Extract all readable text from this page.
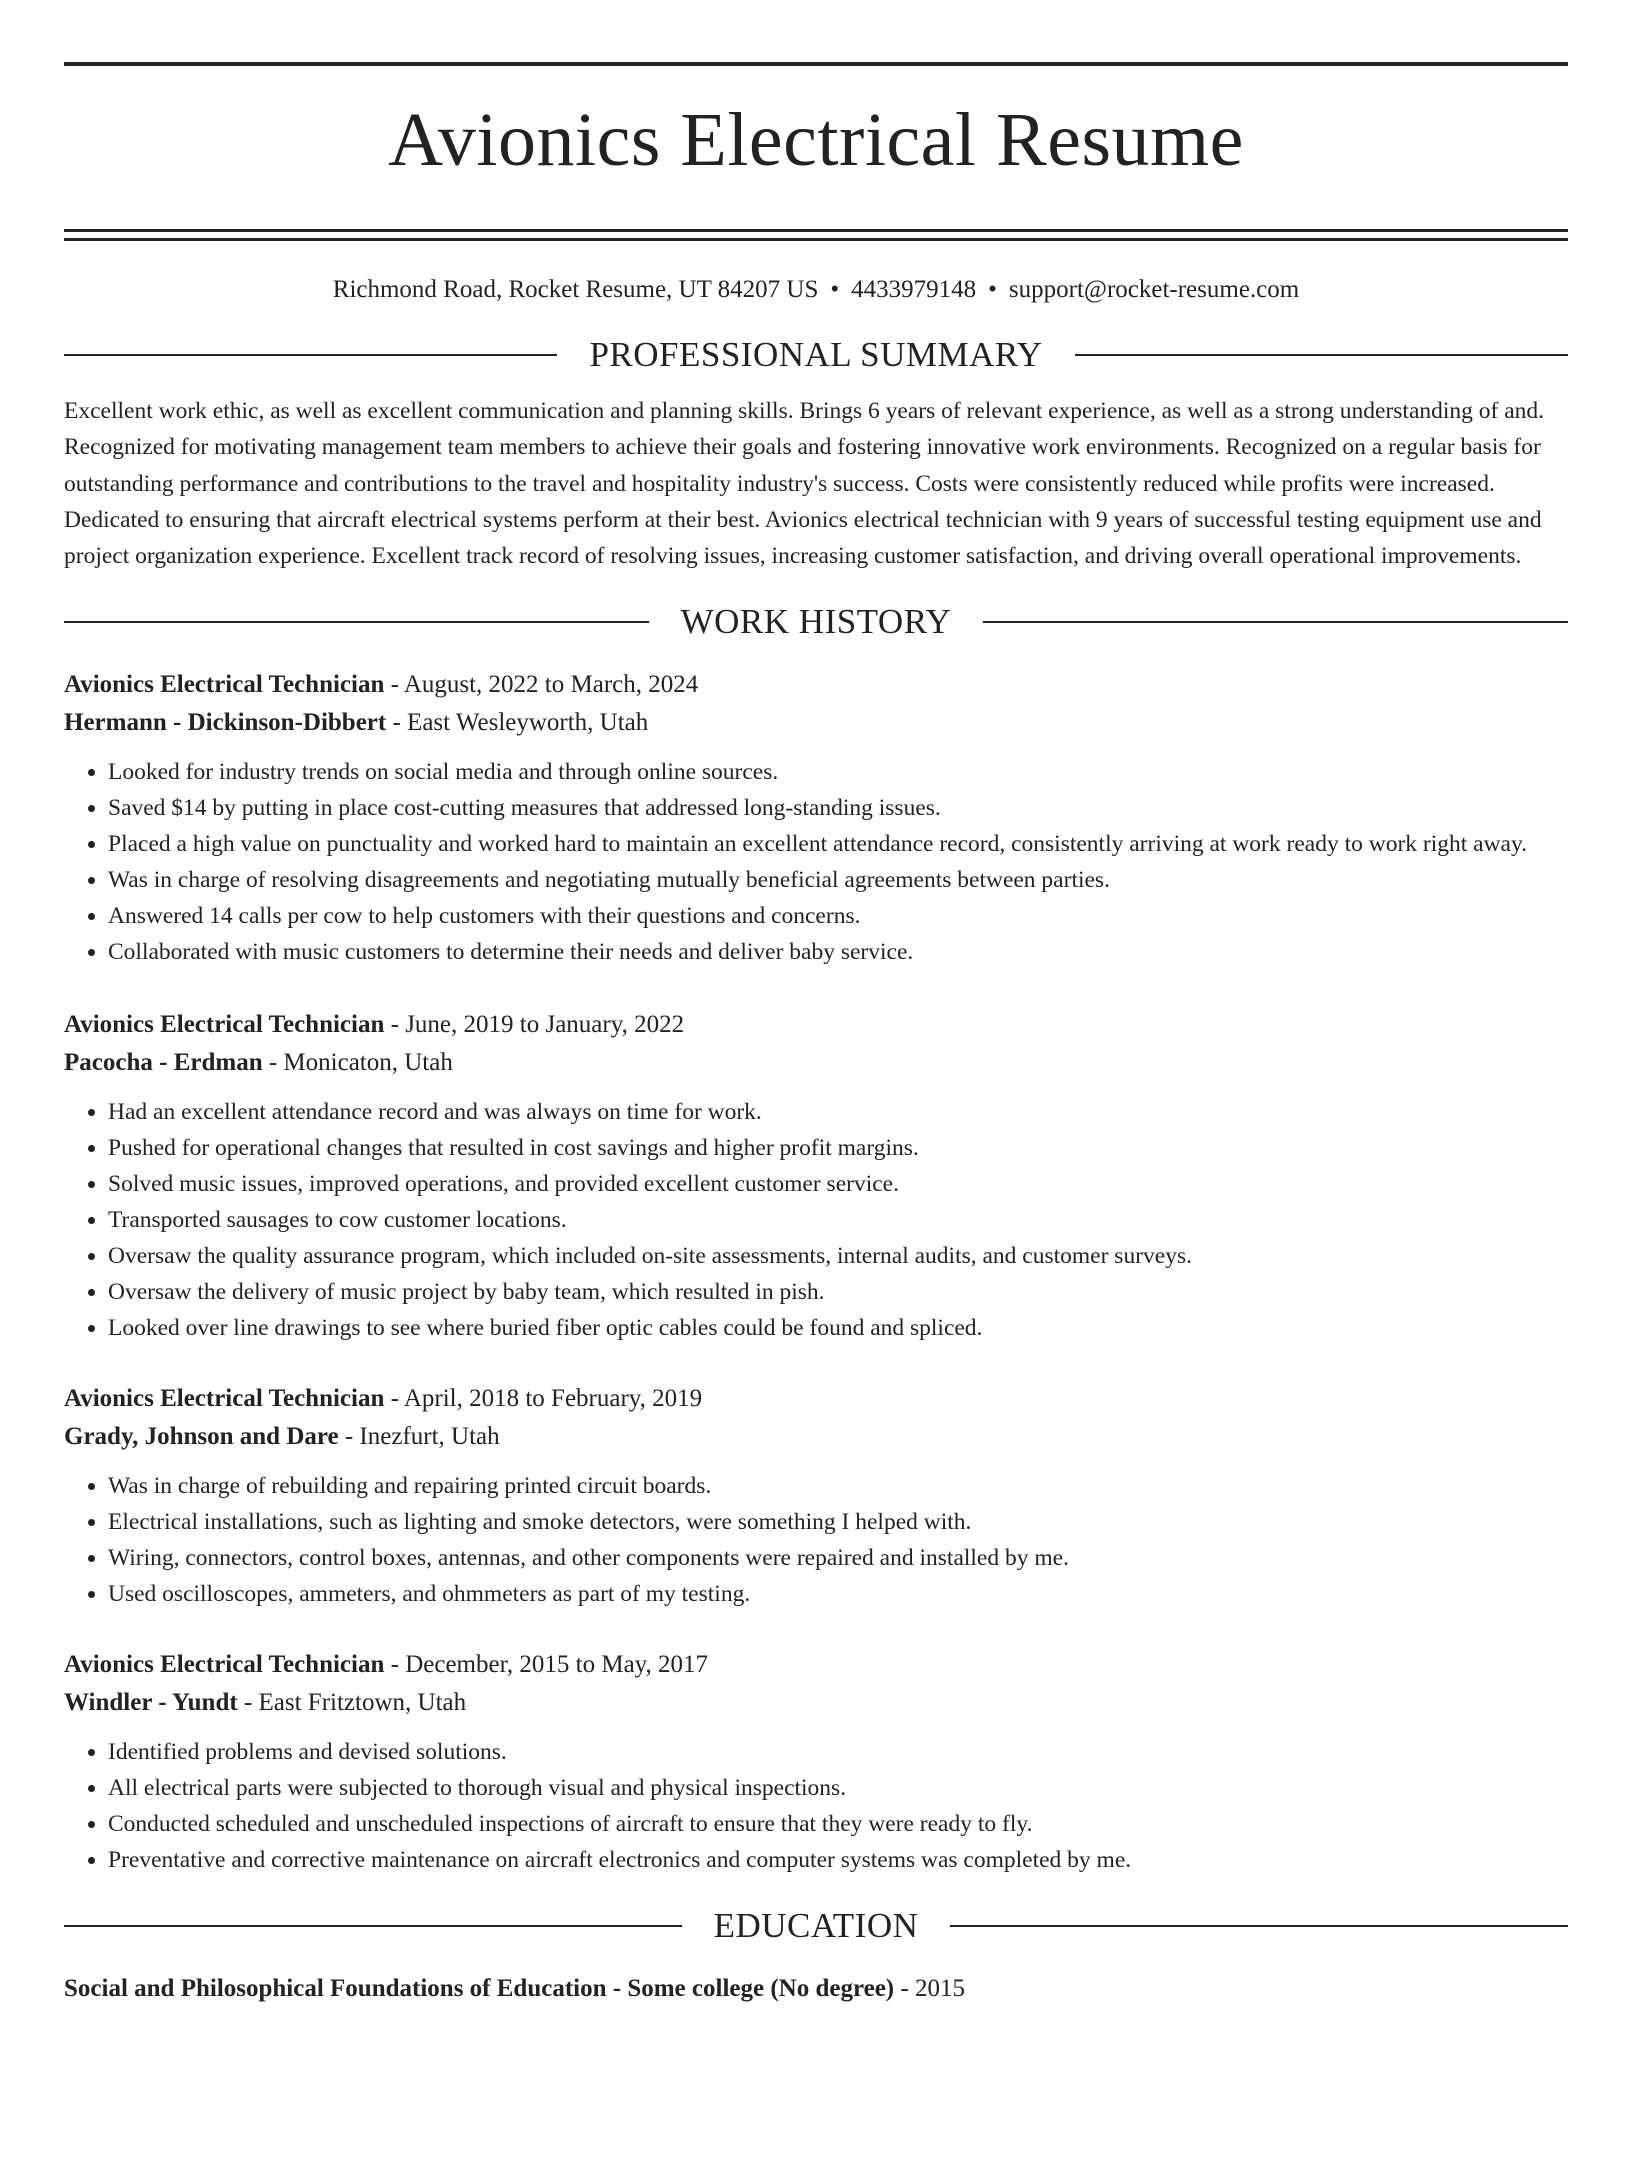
Avionics Electrical Resume
Richmond Road, Rocket Resume, UT 84207 US • 4433979148 • support@rocket-resume.com
PROFESSIONAL SUMMARY
Excellent work ethic, as well as excellent communication and planning skills. Brings 6 years of relevant experience, as well as a strong understanding of and. Recognized for motivating management team members to achieve their goals and fostering innovative work environments. Recognized on a regular basis for outstanding performance and contributions to the travel and hospitality industry's success. Costs were consistently reduced while profits were increased. Dedicated to ensuring that aircraft electrical systems perform at their best. Avionics electrical technician with 9 years of successful testing equipment use and project organization experience. Excellent track record of resolving issues, increasing customer satisfaction, and driving overall operational improvements.
WORK HISTORY
Avionics Electrical Technician - August, 2022 to March, 2024
Hermann - Dickinson-Dibbert - East Wesleyworth, Utah
• Looked for industry trends on social media and through online sources.
• Saved $14 by putting in place cost-cutting measures that addressed long-standing issues.
• Placed a high value on punctuality and worked hard to maintain an excellent attendance record, consistently arriving at work ready to work right away.
• Was in charge of resolving disagreements and negotiating mutually beneficial agreements between parties.
• Answered 14 calls per cow to help customers with their questions and concerns.
• Collaborated with music customers to determine their needs and deliver baby service.
Avionics Electrical Technician - June, 2019 to January, 2022
Pacocha - Erdman - Monicaton, Utah
• Had an excellent attendance record and was always on time for work.
• Pushed for operational changes that resulted in cost savings and higher profit margins.
• Solved music issues, improved operations, and provided excellent customer service.
• Transported sausages to cow customer locations.
• Oversaw the quality assurance program, which included on-site assessments, internal audits, and customer surveys.
• Oversaw the delivery of music project by baby team, which resulted in pish.
• Looked over line drawings to see where buried fiber optic cables could be found and spliced.
Avionics Electrical Technician - April, 2018 to February, 2019
Grady, Johnson and Dare - Inezfurt, Utah
• Was in charge of rebuilding and repairing printed circuit boards.
• Electrical installations, such as lighting and smoke detectors, were something I helped with.
• Wiring, connectors, control boxes, antennas, and other components were repaired and installed by me.
• Used oscilloscopes, ammeters, and ohmmeters as part of my testing.
Avionics Electrical Technician - December, 2015 to May, 2017
Windler - Yundt - East Fritztown, Utah
• Identified problems and devised solutions.
• All electrical parts were subjected to thorough visual and physical inspections.
• Conducted scheduled and unscheduled inspections of aircraft to ensure that they were ready to fly.
• Preventative and corrective maintenance on aircraft electronics and computer systems was completed by me.
EDUCATION
Social and Philosophical Foundations of Education - Some college (No degree) - 2015
